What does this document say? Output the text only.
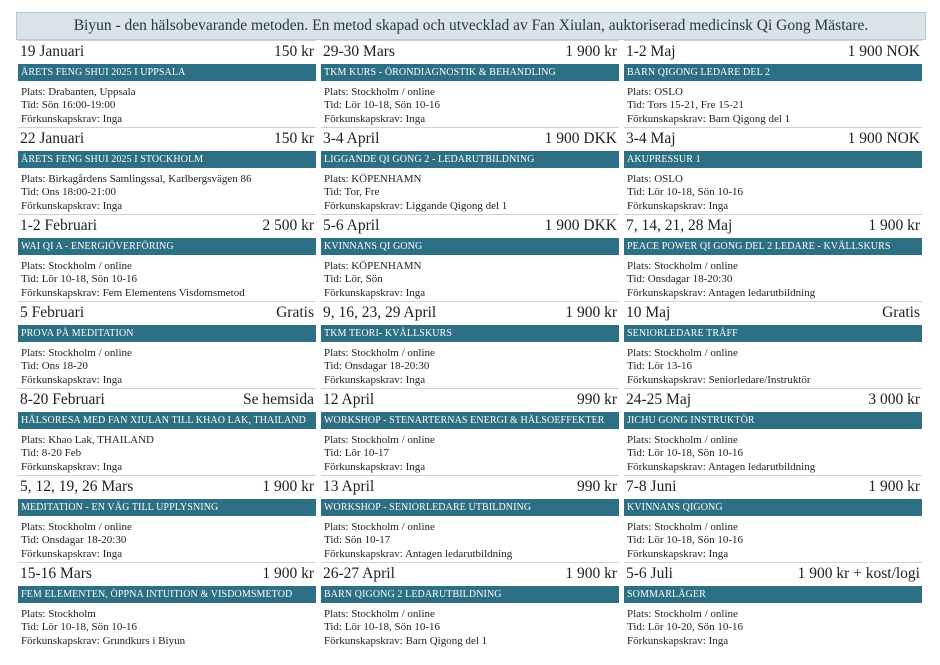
Biyun - den hälsobevarande metoden. En metod skapad och utvecklad av Fan Xiulan, auktoriserad medicinsk Qi Gong Mästare.
19 Januari	150 kr
ÅRETS FENG SHUI 2025 I UPPSALA
Plats: Drabanten, Uppsala
Tid: Sön 16:00-19:00
Förkunskapskrav: Inga
29-30 Mars	1 900 kr
TKM KURS - ÖRONDIAGNOSTIK & BEHANDLING
Plats: Stockholm / online
Tid: Lör 10-18, Sön 10-16
Förkunskapskrav: Inga
1-2 Maj	1 900 NOK
BARN QIGONG LEDARE DEL 2
Plats: OSLO
Tid: Tors 15-21, Fre 15-21
Förkunskapskrav: Barn Qigong del 1
22 Januari	150 kr
ÅRETS FENG SHUI 2025 I STOCKHOLM
Plats: Birkagårdens Samlingssal, Karlbergsvägen 86
Tid: Ons 18:00-21:00
Förkunskapskrav: Inga
3-4 April	1 900 DKK
LIGGANDE QI GONG 2 - LEDARUTBILDNING
Plats: KÖPENHAMN
Tid: Tor, Fre
Förkunskapskrav: Liggande Qigong del 1
3-4 Maj	1 900 NOK
AKUPRESSUR 1
Plats: OSLO
Tid: Lör 10-18, Sön 10-16
Förkunskapskrav: Inga
1-2 Februari	2 500 kr
WAI QI A - ENERGIÖVERFÖRING
Plats: Stockholm / online
Tid: Lör 10-18, Sön 10-16
Förkunskapskrav: Fem Elementens Visdomsmetod
5-6 April	1 900 DKK
KVINNANS QI GONG
Plats: KÖPENHAMN
Tid: Lör, Sön
Förkunskapskrav: Inga
7, 14, 21, 28 Maj	1 900 kr
PEACE POWER QI GONG DEL 2 LEDARE - KVÄLLSKURS
Plats: Stockholm / online
Tid: Onsdagar 18-20:30
Förkunskapskrav: Antagen ledarutbildning
5 Februari	Gratis
PROVA PÅ MEDITATION
Plats: Stockholm / online
Tid: Ons 18-20
Förkunskapskrav: Inga
9, 16, 23, 29 April	1 900 kr
TKM TEORI- KVÄLLSKURS
Plats: Stockholm / online
Tid: Onsdagar 18-20:30
Förkunskapskrav: Inga
10 Maj	Gratis
SENIORLEDARE TRÄFF
Plats: Stockholm / online
Tid: Lör 13-16
Förkunskapskrav: Seniorledare/Instruktör
8-20 Februari	Se hemsida
HÄLSORESA MED FAN XIULAN TILL KHAO LAK, THAILAND
Plats: Khao Lak, THAILAND
Tid: 8-20 Feb
Förkunskapskrav: Inga
12 April	990 kr
WORKSHOP - STENARTERNAS ENERGI & HÄLSOEFFEKTER
Plats: Stockholm / online
Tid: Lör 10-17
Förkunskapskrav: Inga
24-25 Maj	3 000 kr
JICHU GONG INSTRUKTÖR
Plats: Stockholm / online
Tid: Lör 10-18, Sön 10-16
Förkunskapskrav: Antagen ledarutbildning
5, 12, 19, 26 Mars	1 900 kr
MEDITATION - EN VÄG TILL UPPLYSNING
Plats: Stockholm / online
Tid: Onsdagar 18-20:30
Förkunskapskrav: Inga
13 April	990 kr
WORKSHOP - SENIORLEDARE UTBILDNING
Plats: Stockholm / online
Tid: Sön 10-17
Förkunskapskrav: Antagen ledarutbildning
7-8 Juni	1 900 kr
KVINNANS QIGONG
Plats: Stockholm / online
Tid: Lör 10-18, Sön 10-16
Förkunskapskrav: Inga
15-16 Mars	1 900 kr
FEM ELEMENTEN, ÖPPNA INTUITION & VISDOMSMETOD
Plats: Stockholm
Tid: Lör 10-18, Sön 10-16
Förkunskapskrav: Grundkurs i Biyun
26-27 April	1 900 kr
BARN QIGONG 2 LEDARUTBILDNING
Plats: Stockholm / online
Tid: Lör 10-18, Sön 10-16
Förkunskapskrav: Barn Qigong del 1
5-6 Juli	1 900 kr + kost/logi
SOMMARLÄGER
Plats: Stockholm / online
Tid: Lör 10-20, Sön 10-16
Förkunskapskrav: Inga
